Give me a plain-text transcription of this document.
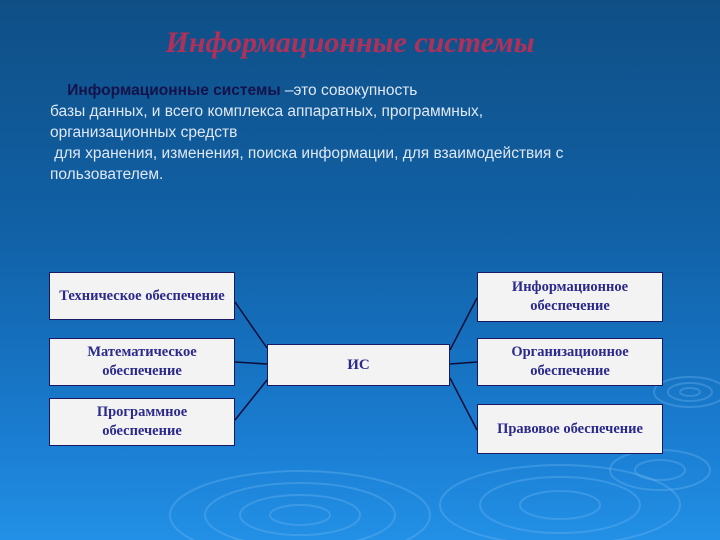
Информационные системы
Информационные системы –это совокупность
базы данных, и всего комплекса аппаратных, программных,
организационных средств
для хранения, изменения, поиска информации, для взаимодействия с
пользователем.
Техническое обеспечение
Математическое обеспечение
Программное обеспечение
ИС
Информационное обеспечение
Организационное обеспечение
Правовое обеспечение
